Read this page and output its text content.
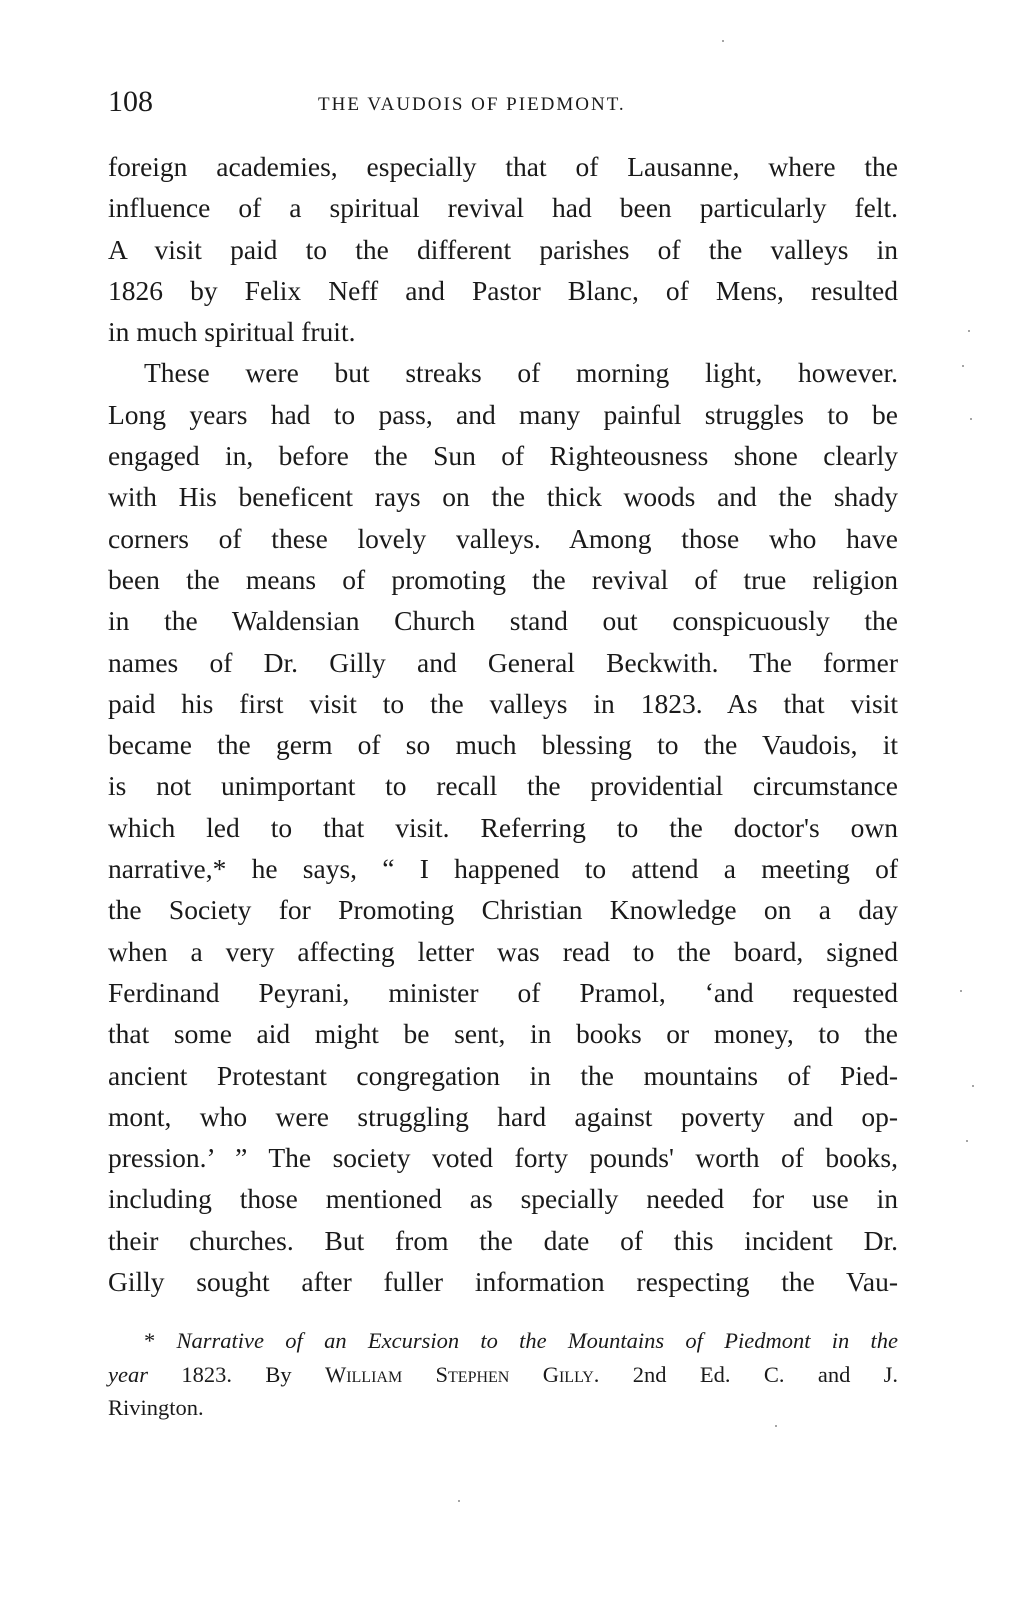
108	THE VAUDOIS OF PIEDMONT.
foreign academies, especially that of Lausanne, where the
influence of a spiritual revival had been particularly felt.
A visit paid to the different parishes of the valleys in
1826 by Felix Neff and Pastor Blanc, of Mens, resulted
in much spiritual fruit.
These were but streaks of morning light, however.
Long years had to pass, and many painful struggles to be
engaged in, before the Sun of Righteousness shone clearly
with His beneficent rays on the thick woods and the shady
corners of these lovely valleys. Among those who have
been the means of promoting the revival of true religion
in the Waldensian Church stand out conspicuously the
names of Dr. Gilly and General Beckwith. The former
paid his first visit to the valleys in 1823. As that visit
became the germ of so much blessing to the Vaudois, it
is not unimportant to recall the providential circumstance
which led to that visit. Referring to the doctor's own
narrative,* he says, “ I happened to attend a meeting of
the Society for Promoting Christian Knowledge on a day
when a very affecting letter was read to the board, signed
Ferdinand Peyrani, minister of Pramol, ‘and requested
that some aid might be sent, in books or money, to the
ancient Protestant congregation in the mountains of Pied-
mont, who were struggling hard against poverty and op-
pression.’ ” The society voted forty pounds' worth of books,
including those mentioned as specially needed for use in
their churches. But from the date of this incident Dr.
Gilly sought after fuller information respecting the Vau-
* Narrative of an Excursion to the Mountains of Piedmont in the
year 1823. By William Stephen Gilly. 2nd Ed. C. and J.
Rivington.
